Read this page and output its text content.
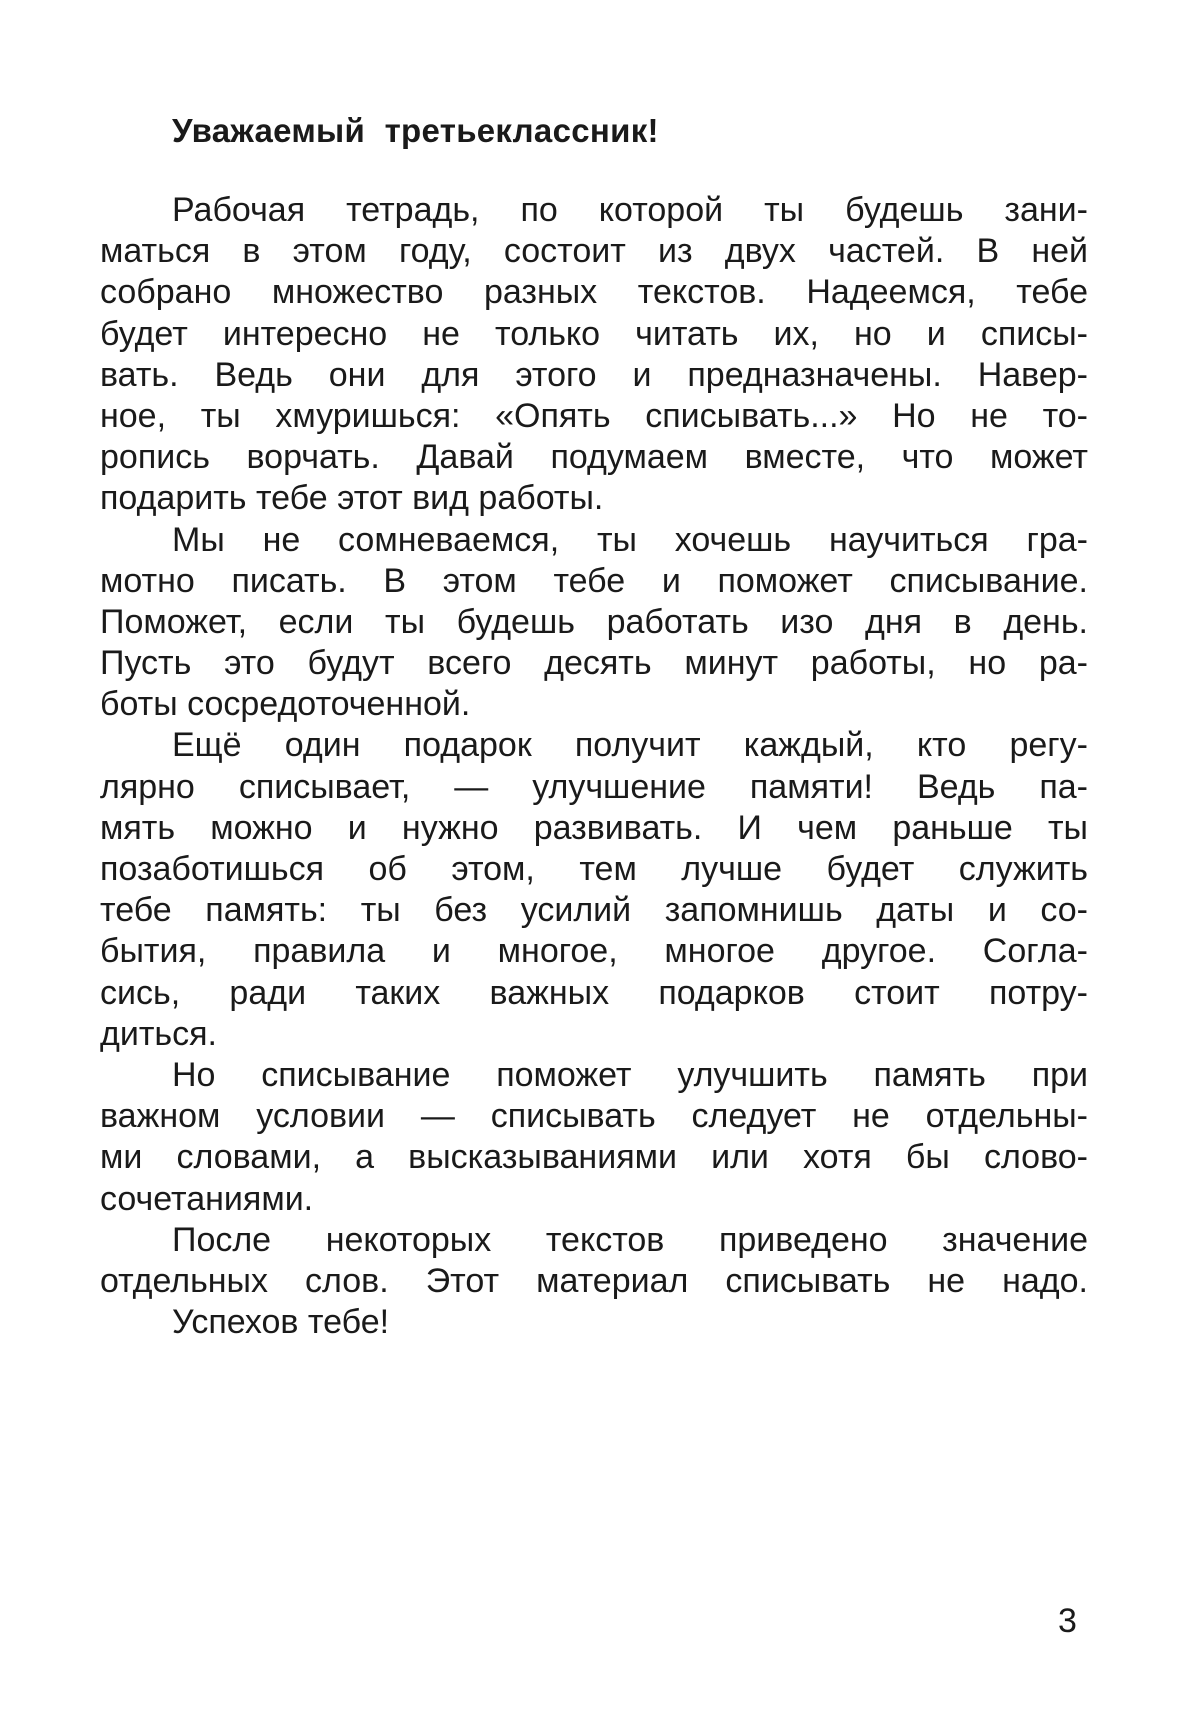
Уважаемый третьеклассник!
Рабочая тетрадь, по которой ты будешь зани-
маться в этом году, состоит из двух частей. В ней
собрано множество разных текстов. Надеемся, тебе
будет интересно не только читать их, но и списы-
вать. Ведь они для этого и предназначены. Навер-
ное, ты хмуришься: «Опять списывать...» Но не то-
ропись ворчать. Давай подумаем вместе, что может
подарить тебе этот вид работы.
Мы не сомневаемся, ты хочешь научиться гра-
мотно писать. В этом тебе и поможет списывание.
Поможет, если ты будешь работать изо дня в день.
Пусть это будут всего десять минут работы, но ра-
боты сосредоточенной.
Ещё один подарок получит каждый, кто регу-
лярно списывает, — улучшение памяти! Ведь па-
мять можно и нужно развивать. И чем раньше ты
позаботишься об этом, тем лучше будет служить
тебе память: ты без усилий запомнишь даты и со-
бытия, правила и многое, многое другое. Согла-
сись, ради таких важных подарков стоит потру-
диться.
Но списывание поможет улучшить память при
важном условии — списывать следует не отдельны-
ми словами, а высказываниями или хотя бы слово-
сочетаниями.
После некоторых текстов приведено значение
отдельных слов. Этот материал списывать не надо.
Успехов тебе!

3
